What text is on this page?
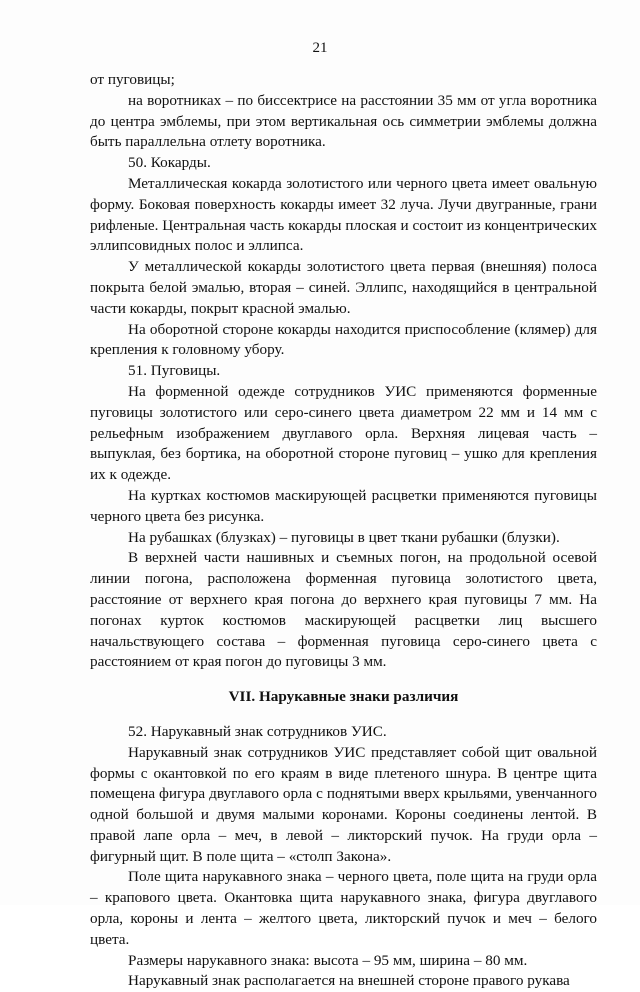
21

от пуговицы;

на воротниках – по биссектрисе на расстоянии 35 мм от угла воротника до центра эмблемы, при этом вертикальная ось симметрии эмблемы должна быть параллельна отлету воротника.

50. Кокарды.

Металлическая кокарда золотистого или черного цвета имеет овальную форму. Боковая поверхность кокарды имеет 32 луча. Лучи двугранные, грани рифленые. Центральная часть кокарды плоская и состоит из концентрических эллипсовидных полос и эллипса.

У металлической кокарды золотистого цвета первая (внешняя) полоса покрыта белой эмалью, вторая – синей. Эллипс, находящийся в центральной части кокарды, покрыт красной эмалью.

На оборотной стороне кокарды находится приспособление (клямер) для крепления к головному убору.

51. Пуговицы.

На форменной одежде сотрудников УИС применяются форменные пуговицы золотистого или серо-синего цвета диаметром 22 мм и 14 мм с рельефным изображением двуглавого орла. Верхняя лицевая часть – выпуклая, без бортика, на оборотной стороне пуговиц – ушко для крепления их к одежде.

На куртках костюмов маскирующей расцветки применяются пуговицы черного цвета без рисунка.

На рубашках (блузках) – пуговицы в цвет ткани рубашки (блузки).

В верхней части нашивных и съемных погон, на продольной осевой линии погона, расположена форменная пуговица золотистого цвета, расстояние от верхнего края погона до верхнего края пуговицы 7 мм. На погонах курток костюмов маскирующей расцветки лиц высшего начальствующего состава – форменная пуговица серо-синего цвета с расстоянием от края погон до пуговицы 3 мм.

VII. Нарукавные знаки различия

52. Нарукавный знак сотрудников УИС.

Нарукавный знак сотрудников УИС представляет собой щит овальной формы с окантовкой по его краям в виде плетеного шнура. В центре щита помещена фигура двуглавого орла с поднятыми вверх крыльями, увенчанного одной большой и двумя малыми коронами. Короны соединены лентой. В правой лапе орла – меч, в левой – ликторский пучок. На груди орла – фигурный щит. В поле щита – «столп Закона».

Поле щита нарукавного знака – черного цвета, поле щита на груди орла – крапового цвета. Окантовка щита нарукавного знака, фигура двуглавого орла, короны и лента – желтого цвета, ликторский пучок и меч – белого цвета.

Размеры нарукавного знака: высота – 95 мм, ширина – 80 мм.

Нарукавный знак располагается на внешней стороне правого рукава
